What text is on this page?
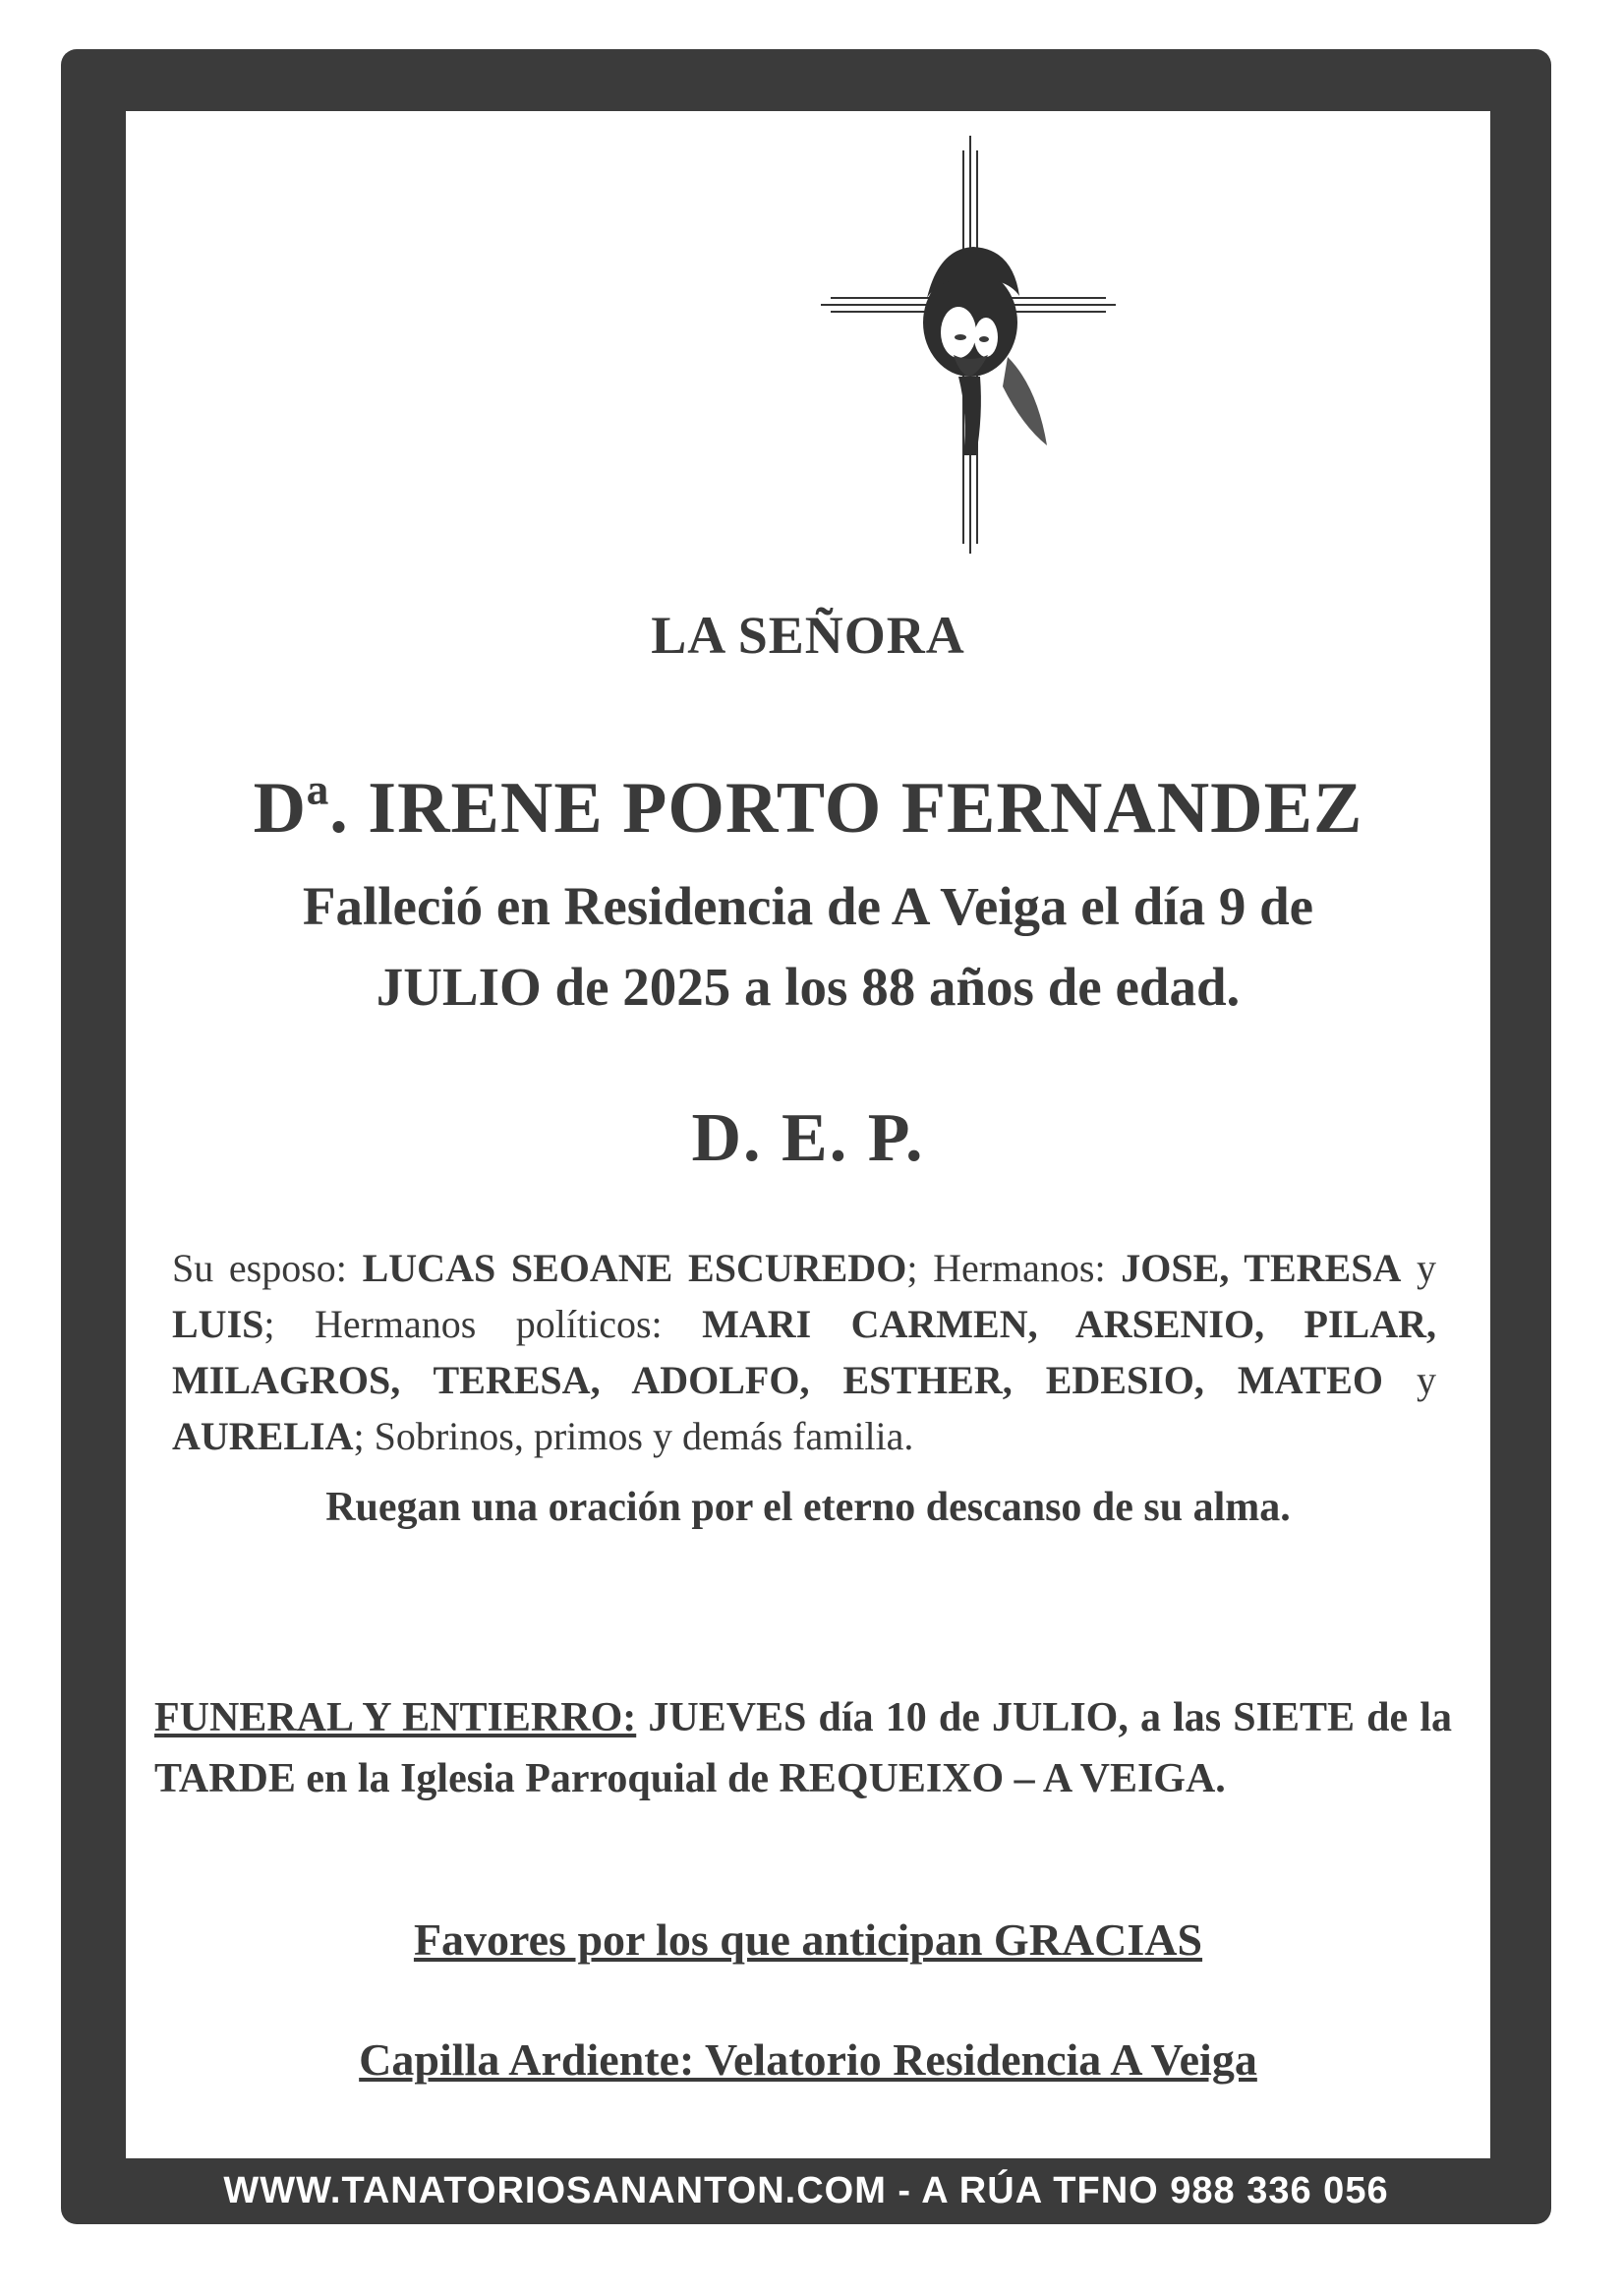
LA SEÑORA
Dª. IRENE PORTO FERNANDEZ
Falleció en Residencia de A Veiga el día 9 de
JULIO de 2025 a los 88 años de edad.
D. E. P.
Su esposo: LUCAS SEOANE ESCUREDO; Hermanos: JOSE, TERESA y LUIS; Hermanos políticos: MARI CARMEN, ARSENIO, PILAR, MILAGROS, TERESA, ADOLFO, ESTHER, EDESIO, MATEO y AURELIA; Sobrinos, primos y demás familia.
Ruegan una oración por el eterno descanso de su alma.
FUNERAL Y ENTIERRO: JUEVES día 10 de JULIO, a las SIETE de la TARDE en la Iglesia Parroquial de REQUEIXO – A VEIGA.
Favores por los que anticipan GRACIAS
Capilla Ardiente: Velatorio Residencia A Veiga
WWW.TANATORIOSANANTON.COM - A RÚA TFNO 988 336 056
